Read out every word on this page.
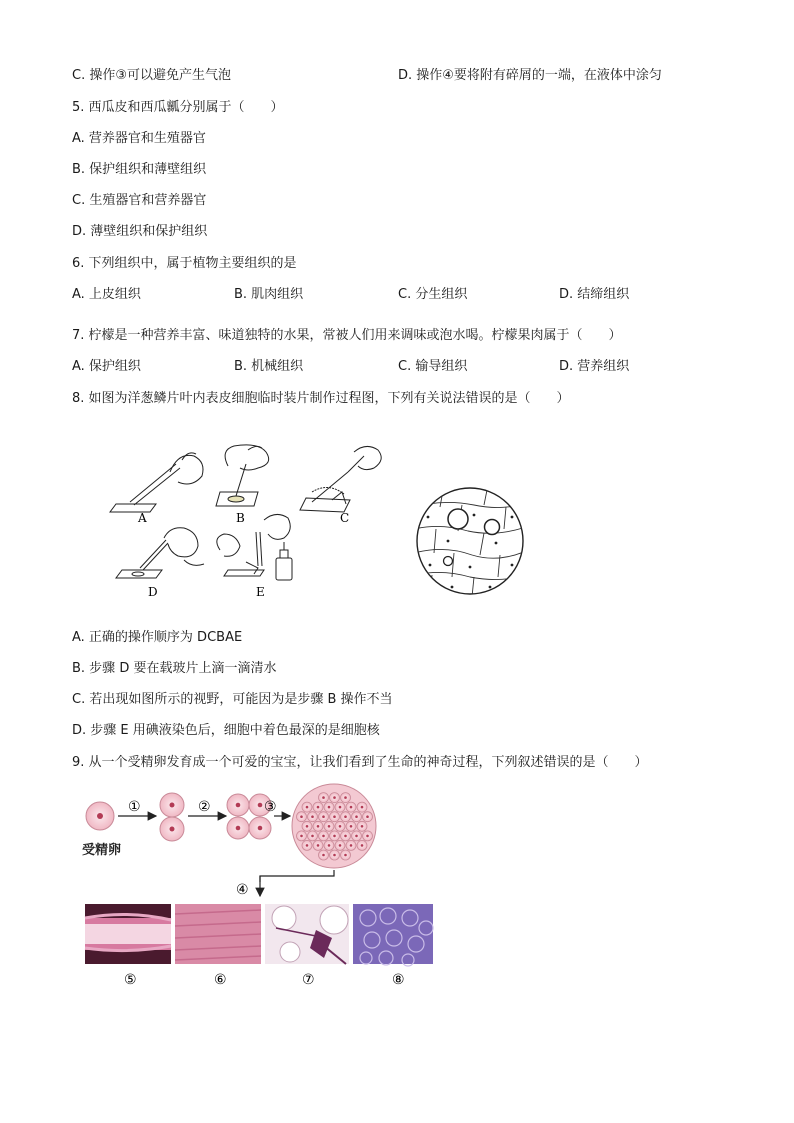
C. 操作③可以避免产生气泡	D. 操作④要将附有碎屑的一端，在液体中涂匀
5. 西瓜皮和西瓜瓤分别属于（　　）
A. 营养器官和生殖器官
B. 保护组织和薄壁组织
C. 生殖器官和营养器官
D. 薄壁组织和保护组织
6. 下列组织中，属于植物主要组织的是
A. 上皮组织	B. 肌肉组织	C. 分生组织	D. 结缔组织
7. 柠檬是一种营养丰富、味道独特的水果，常被人们用来调味或泡水喝。柠檬果肉属于（　　）
A. 保护组织	B. 机械组织	C. 输导组织	D. 营养组织
8. 如图为洋葱鳞片叶内表皮细胞临时装片制作过程图，下列有关说法错误的是（　　）
A	B	C
D	E
A. 正确的操作顺序为 DCBAE
B. 步骤 D 要在载玻片上滴一滴清水
C. 若出现如图所示的视野，可能因为是步骤 B 操作不当
D. 步骤 E 用碘液染色后，细胞中着色最深的是细胞核
9. 从一个受精卵发育成一个可爱的宝宝，让我们看到了生命的神奇过程，下列叙述错误的是（　　）
受精卵
①	②	③
④
⑤	⑥	⑦	⑧
